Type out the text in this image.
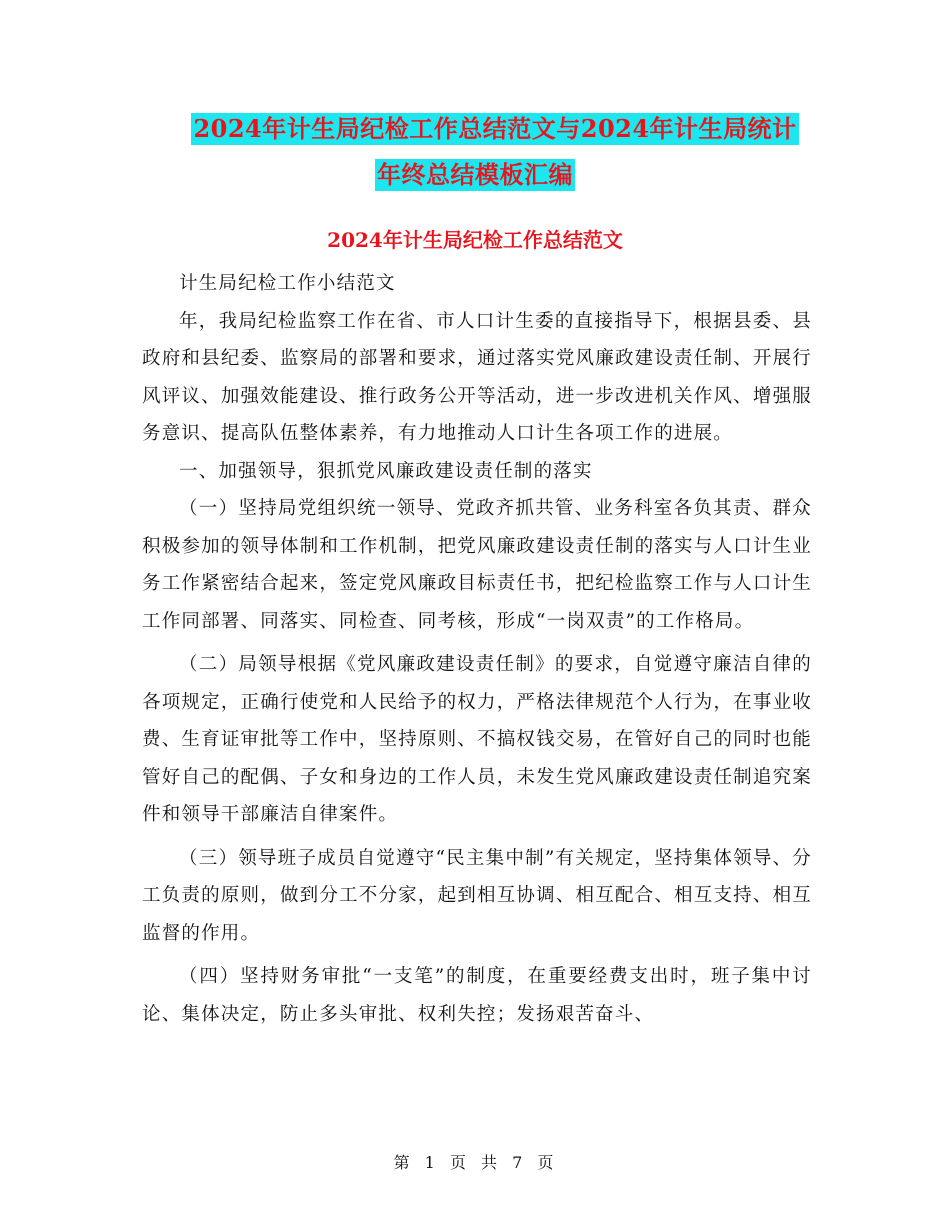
2024年计生局纪检工作总结范文与2024年计生局统计
年终总结模板汇编
2024年计生局纪检工作总结范文

计生局纪检工作小结范文

年，我局纪检监察工作在省、市人口计生委的直接指导下，根据县委、县政府和县纪委、监察局的部署和要求，通过落实党风廉政建设责任制、开展行风评议、加强效能建设、推行政务公开等活动，进一步改进机关作风、增强服务意识、提高队伍整体素养，有力地推动人口计生各项工作的进展。

一、加强领导，狠抓党风廉政建设责任制的落实

（一）坚持局党组织统一领导、党政齐抓共管、业务科室各负其责、群众积极参加的领导体制和工作机制，把党风廉政建设责任制的落实与人口计生业务工作紧密结合起来，签定党风廉政目标责任书，把纪检监察工作与人口计生工作同部署、同落实、同检查、同考核，形成“一岗双责”的工作格局。

（二）局领导根据《党风廉政建设责任制》的要求，自觉遵守廉洁自律的各项规定，正确行使党和人民给予的权力，严格法律规范个人行为，在事业收费、生育证审批等工作中，坚持原则、不搞权钱交易，在管好自己的同时也能管好自己的配偶、子女和身边的工作人员，未发生党风廉政建设责任制追究案件和领导干部廉洁自律案件。

（三）领导班子成员自觉遵守“民主集中制”有关规定，坚持集体领导、分工负责的原则，做到分工不分家，起到相互协调、相互配合、相互支持、相互监督的作用。

（四）坚持财务审批“一支笔”的制度，在重要经费支出时，班子集中讨论、集体决定，防止多头审批、权利失控；发扬艰苦奋斗、

第 1 页 共 7 页
